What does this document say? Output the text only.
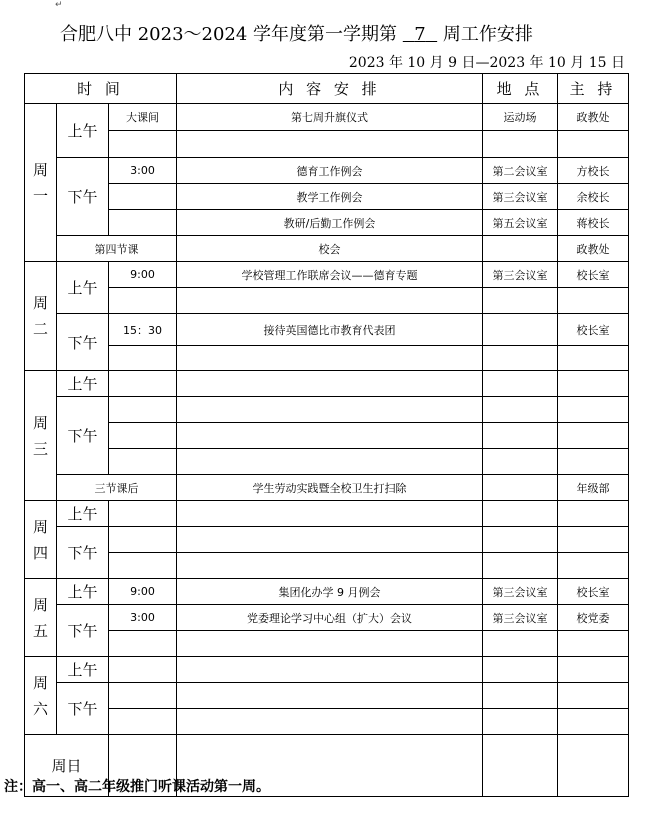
↵
合肥八中 2023～2024 学年度第一学期第 7 周工作安排
2023 年 10 月 9 日—2023 年 10 月 15 日
时 间			内 容 安 排	地 点	主 持

周一	上午	大课间	第七周升旗仪式	运动场	政教处

	下午	3:00	德育工作例会	第二会议室	方校长
			教学工作例会	第三会议室	余校长
			教研/后勤工作例会	第五会议室	蒋校长
	第四节课		校会		政教处

周二	上午	9:00	学校管理工作联席会议——德育专题	第三会议室	校长室

	下午	15：30	接待英国德比市教育代表团		校长室

周三	上午				
	下午				

	三节课后		学生劳动实践暨全校卫生打扫除		年级部

周四	上午				
	下午				

周五	上午	9:00	集团化办学 9 月例会	第三会议室	校长室
	下午	3:00	党委理论学习中心组（扩大）会议	第三会议室	校党委

周六	上午				
	下午				

周日					
注：高一、高二年级推门听课活动第一周。
